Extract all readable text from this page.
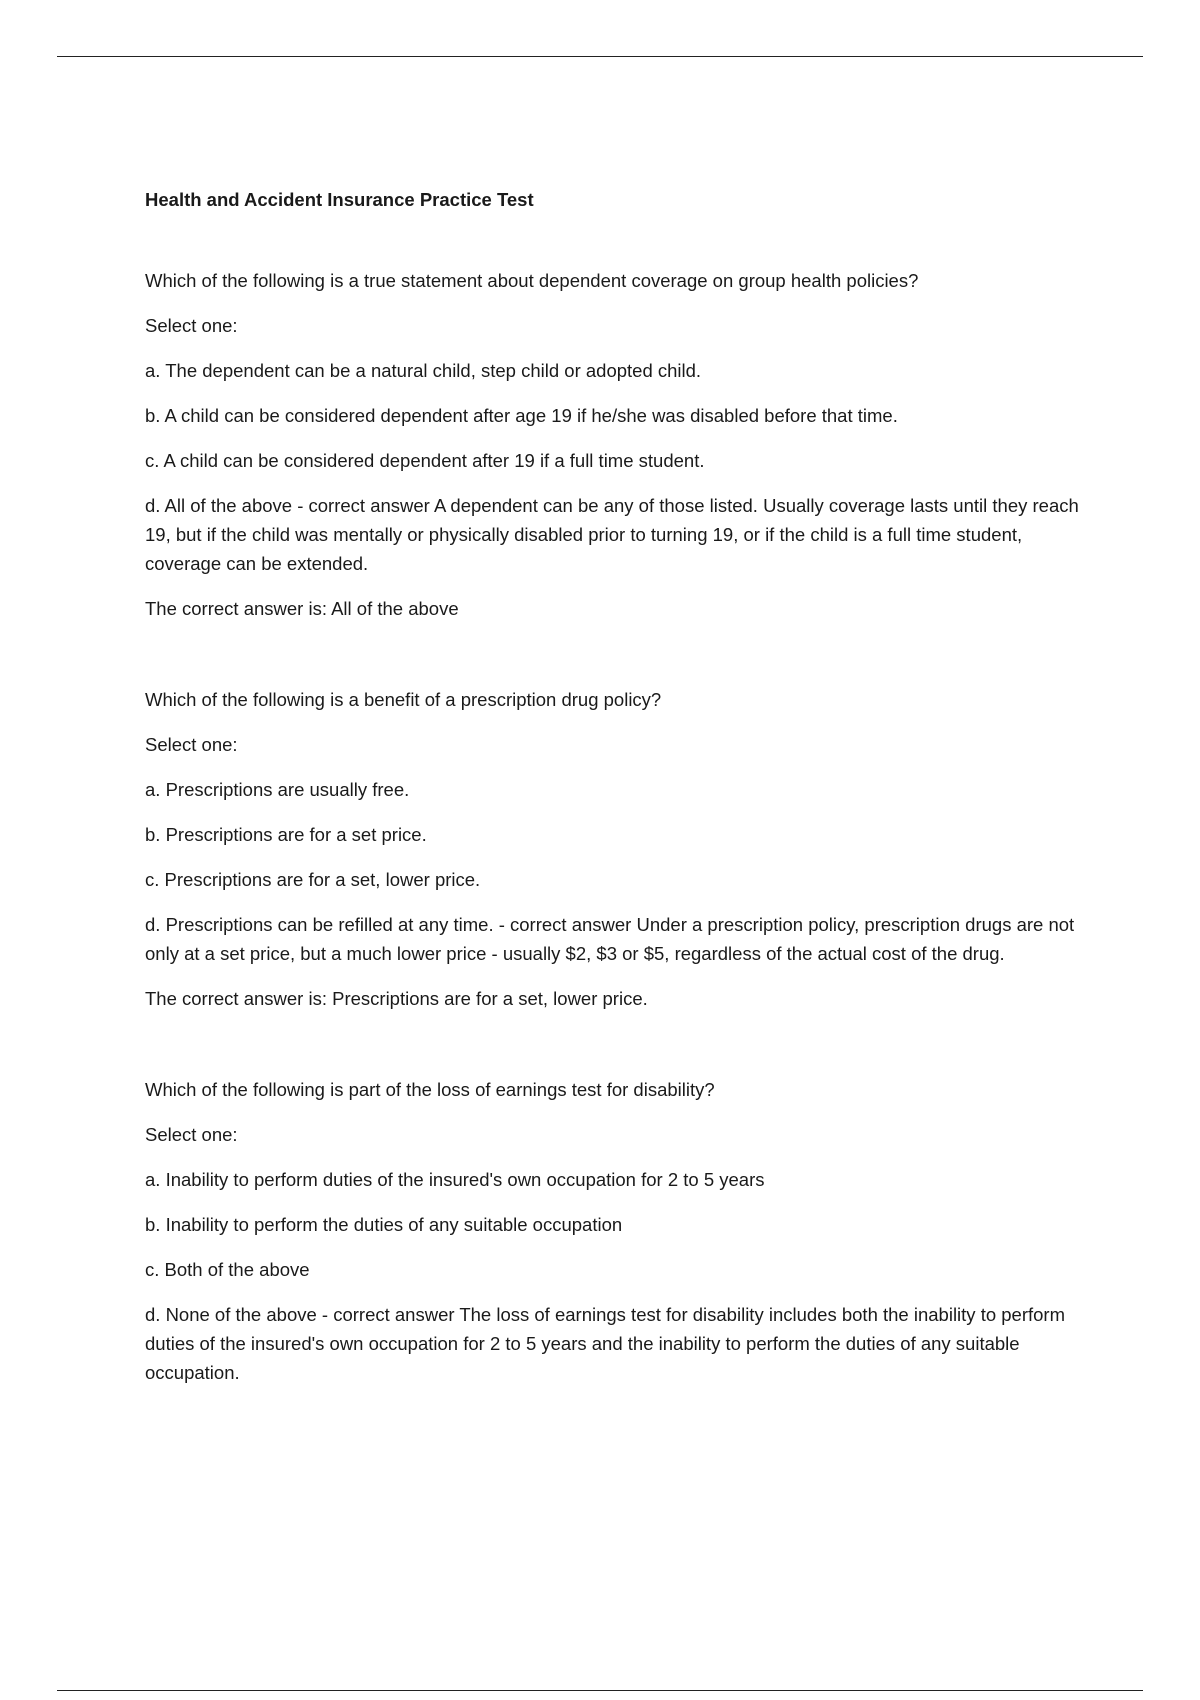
Health and Accident Insurance Practice Test

Which of the following is a true statement about dependent coverage on group health policies?

Select one:

a. The dependent can be a natural child, step child or adopted child.

b. A child can be considered dependent after age 19 if he/she was disabled before that time.

c. A child can be considered dependent after 19 if a full time student.

d. All of the above - correct answer A dependent can be any of those listed. Usually coverage lasts until they reach 19, but if the child was mentally or physically disabled prior to turning 19, or if the child is a full time student, coverage can be extended.

The correct answer is: All of the above

Which of the following is a benefit of a prescription drug policy?

Select one:

a. Prescriptions are usually free.

b. Prescriptions are for a set price.

c. Prescriptions are for a set, lower price.

d. Prescriptions can be refilled at any time. - correct answer Under a prescription policy, prescription drugs are not only at a set price, but a much lower price - usually $2, $3 or $5, regardless of the actual cost of the drug.

The correct answer is: Prescriptions are for a set, lower price.

Which of the following is part of the loss of earnings test for disability?

Select one:

a. Inability to perform duties of the insured's own occupation for 2 to 5 years

b. Inability to perform the duties of any suitable occupation

c. Both of the above

d. None of the above - correct answer The loss of earnings test for disability includes both the inability to perform duties of the insured's own occupation for 2 to 5 years and the inability to perform the duties of any suitable occupation.
